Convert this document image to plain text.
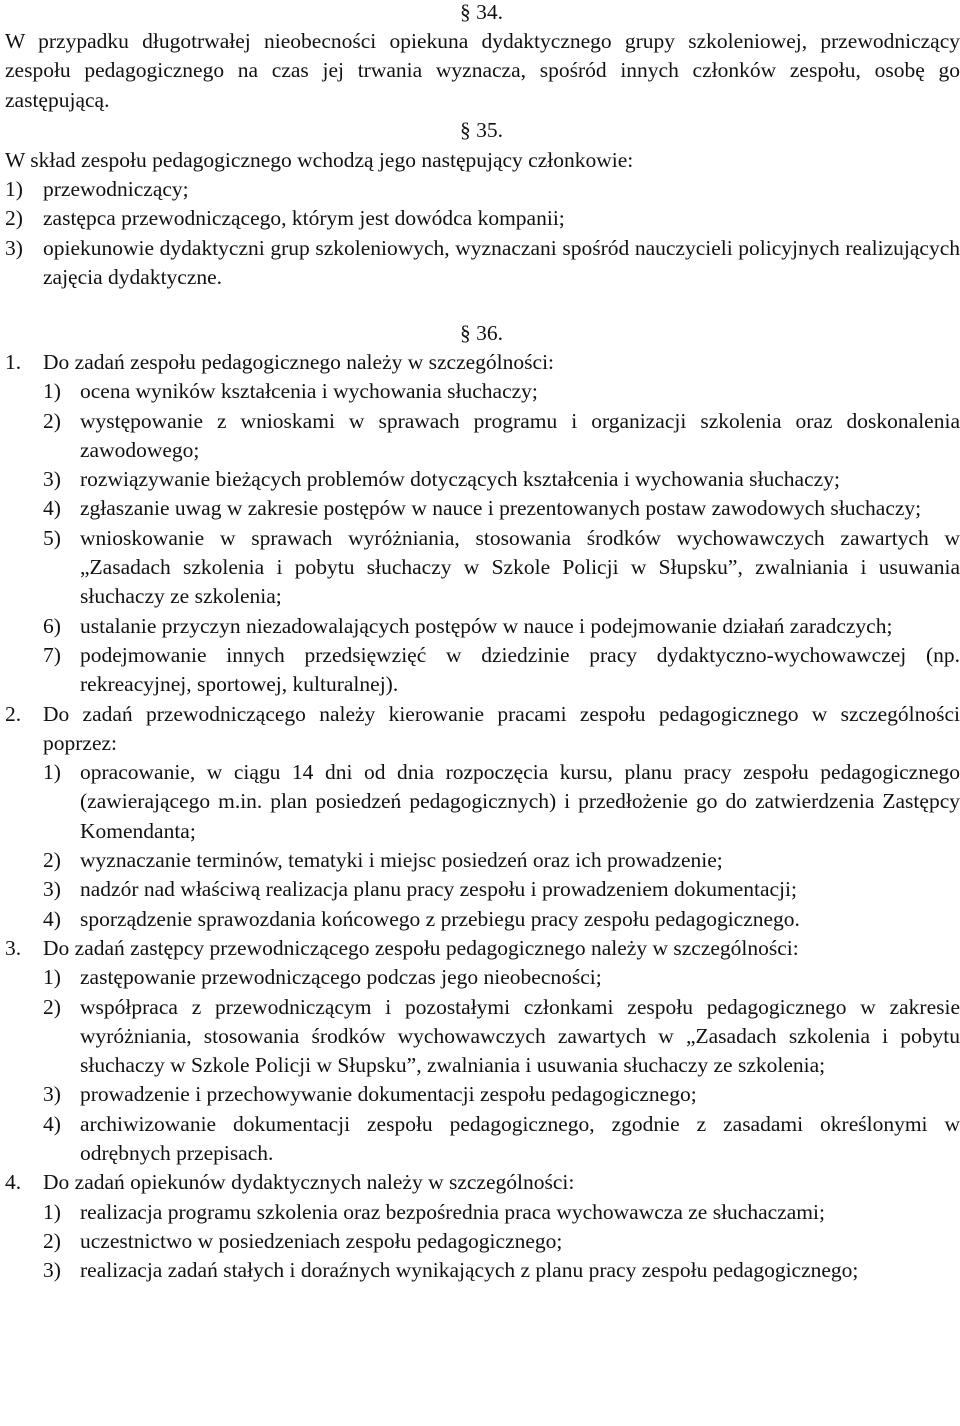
§ 34.
W przypadku długotrwałej nieobecności opiekuna dydaktycznego grupy szkoleniowej, przewodniczący zespołu pedagogicznego na czas jej trwania wyznacza, spośród innych członków zespołu, osobę go zastępującą.
§ 35.
W skład zespołu pedagogicznego wchodzą jego następujący członkowie:
1) przewodniczący;
2) zastępca przewodniczącego, którym jest dowódca kompanii;
3) opiekunowie dydaktyczni grup szkoleniowych, wyznaczani spośród nauczycieli policyjnych realizujących zajęcia dydaktyczne.
§ 36.
1.	Do zadań zespołu pedagogicznego należy w szczególności:
1) ocena wyników kształcenia i wychowania słuchaczy;
2) występowanie z wnioskami w sprawach programu i organizacji szkolenia oraz doskonalenia zawodowego;
3) rozwiązywanie bieżących problemów dotyczących kształcenia i wychowania słuchaczy;
4) zgłaszanie uwag w zakresie postępów w nauce i prezentowanych postaw zawodowych słuchaczy;
5) wnioskowanie w sprawach wyróżniania, stosowania środków wychowawczych zawartych w „Zasadach szkolenia i pobytu słuchaczy w Szkole Policji w Słupsku”, zwalniania i usuwania słuchaczy ze szkolenia;
6) ustalanie przyczyn niezadowalających postępów w nauce i podejmowanie działań zaradczych;
7) podejmowanie innych przedsięwzięć w dziedzinie pracy dydaktyczno-wychowawczej (np. rekreacyjnej, sportowej, kulturalnej).
2.	Do zadań przewodniczącego należy kierowanie pracami zespołu pedagogicznego w szczególności poprzez:
1) opracowanie, w ciągu 14 dni od dnia rozpoczęcia kursu, planu pracy zespołu pedagogicznego (zawierającego m.in. plan posiedzeń pedagogicznych) i przedłożenie go do zatwierdzenia Zastępcy Komendanta;
2) wyznaczanie terminów, tematyki i miejsc posiedzeń oraz ich prowadzenie;
3) nadzór nad właściwą realizacja planu pracy zespołu i prowadzeniem dokumentacji;
4) sporządzenie sprawozdania końcowego z przebiegu pracy zespołu pedagogicznego.
3.	Do zadań zastępcy przewodniczącego zespołu pedagogicznego należy w szczególności:
1) zastępowanie przewodniczącego podczas jego nieobecności;
2) współpraca z przewodniczącym i pozostałymi członkami zespołu pedagogicznego w zakresie wyróżniania, stosowania środków wychowawczych zawartych w „Zasadach szkolenia i pobytu słuchaczy w Szkole Policji w Słupsku”, zwalniania i usuwania słuchaczy ze szkolenia;
3) prowadzenie i przechowywanie dokumentacji zespołu pedagogicznego;
4) archiwizowanie dokumentacji zespołu pedagogicznego, zgodnie z zasadami określonymi w odrębnych przepisach.
4.	Do zadań opiekunów dydaktycznych należy w szczególności:
1) realizacja programu szkolenia oraz bezpośrednia praca wychowawcza ze słuchaczami;
2) uczestnictwo w posiedzeniach zespołu pedagogicznego;
3) realizacja zadań stałych i doraźnych wynikających z planu pracy zespołu pedagogicznego;
